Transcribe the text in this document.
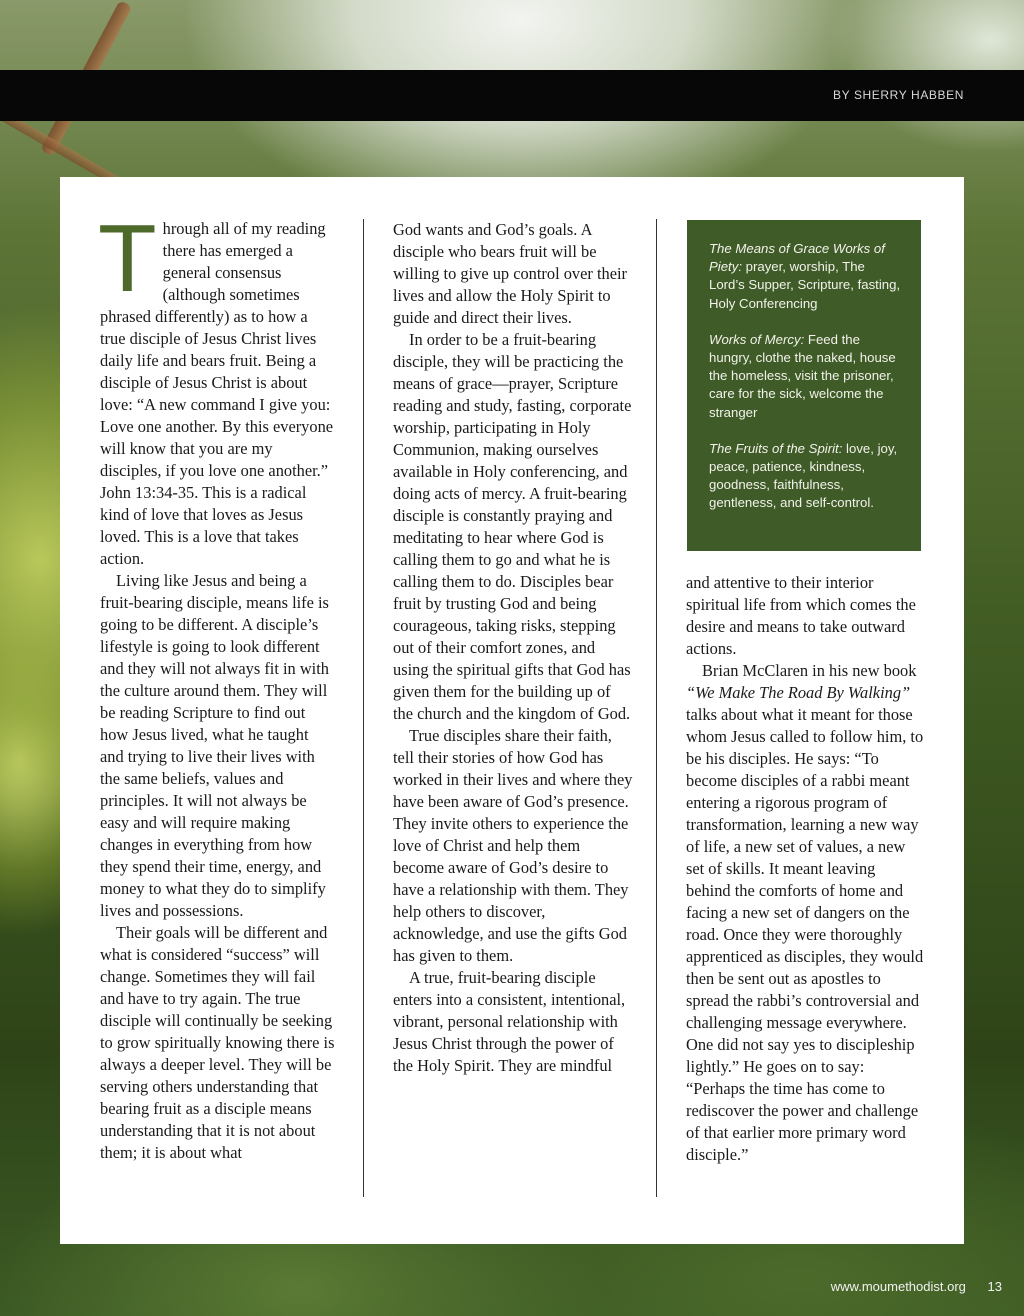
BY SHERRY HABBEN
T hrough all of my reading there has emerged a general consensus (although sometimes phrased differently) as to how a true disciple of Jesus Christ lives daily life and bears fruit. Being a disciple of Jesus Christ is about love: “A new command I give you: Love one another. By this everyone will know that you are my disciples, if you love one another.” John 13:34-35. This is a radical kind of love that loves as Jesus loved. This is a love that takes action.

Living like Jesus and being a fruit-bearing disciple, means life is going to be different. A disciple’s lifestyle is going to look different and they will not always fit in with the culture around them. They will be reading Scripture to find out how Jesus lived, what he taught and trying to live their lives with the same beliefs, values and principles. It will not always be easy and will require making changes in everything from how they spend their time, energy, and money to what they do to simplify lives and possessions.

Their goals will be different and what is considered “success” will change. Sometimes they will fail and have to try again. The true disciple will continually be seeking to grow spiritually knowing there is always a deeper level. They will be serving others understanding that bearing fruit as a disciple means understanding that it is not about them; it is about what

God wants and God’s goals. A disciple who bears fruit will be willing to give up control over their lives and allow the Holy Spirit to guide and direct their lives.

In order to be a fruit-bearing disciple, they will be practicing the means of grace—prayer, Scripture reading and study, fasting, corporate worship, participating in Holy Communion, making ourselves available in Holy conferencing, and doing acts of mercy. A fruit-bearing disciple is constantly praying and meditating to hear where God is calling them to go and what he is calling them to do. Disciples bear fruit by trusting God and being courageous, taking risks, stepping out of their comfort zones, and using the spiritual gifts that God has given them for the building up of the church and the kingdom of God.

True disciples share their faith, tell their stories of how God has worked in their lives and where they have been aware of God’s presence. They invite others to experience the love of Christ and help them become aware of God’s desire to have a relationship with them. They help others to discover, acknowledge, and use the gifts God has given to them.

A true, fruit-bearing disciple enters into a consistent, intentional, vibrant, personal relationship with Jesus Christ through the power of the Holy Spirit. They are mindful

The Means of Grace Works of Piety: prayer, worship, The Lord’s Supper, Scripture, fasting, Holy Conferencing

Works of Mercy: Feed the hungry, clothe the naked, house the homeless, visit the prisoner, care for the sick, welcome the stranger

The Fruits of the Spirit: love, joy, peace, patience, kindness, goodness, faithfulness, gentleness, and self-control.

and attentive to their interior spiritual life from which comes the desire and means to take outward actions.

Brian McClaren in his new book “We Make The Road By Walking” talks about what it meant for those whom Jesus called to follow him, to be his disciples. He says: “To become disciples of a rabbi meant entering a rigorous program of transformation, learning a new way of life, a new set of values, a new set of skills. It meant leaving behind the comforts of home and facing a new set of dangers on the road. Once they were thoroughly apprenticed as disciples, they would then be sent out as apostles to spread the rabbi’s controversial and challenging message everywhere. One did not say yes to discipleship lightly.” He goes on to say: “Perhaps the time has come to rediscover the power and challenge of that earlier more primary word disciple.”

www.moumethodist.org 13
